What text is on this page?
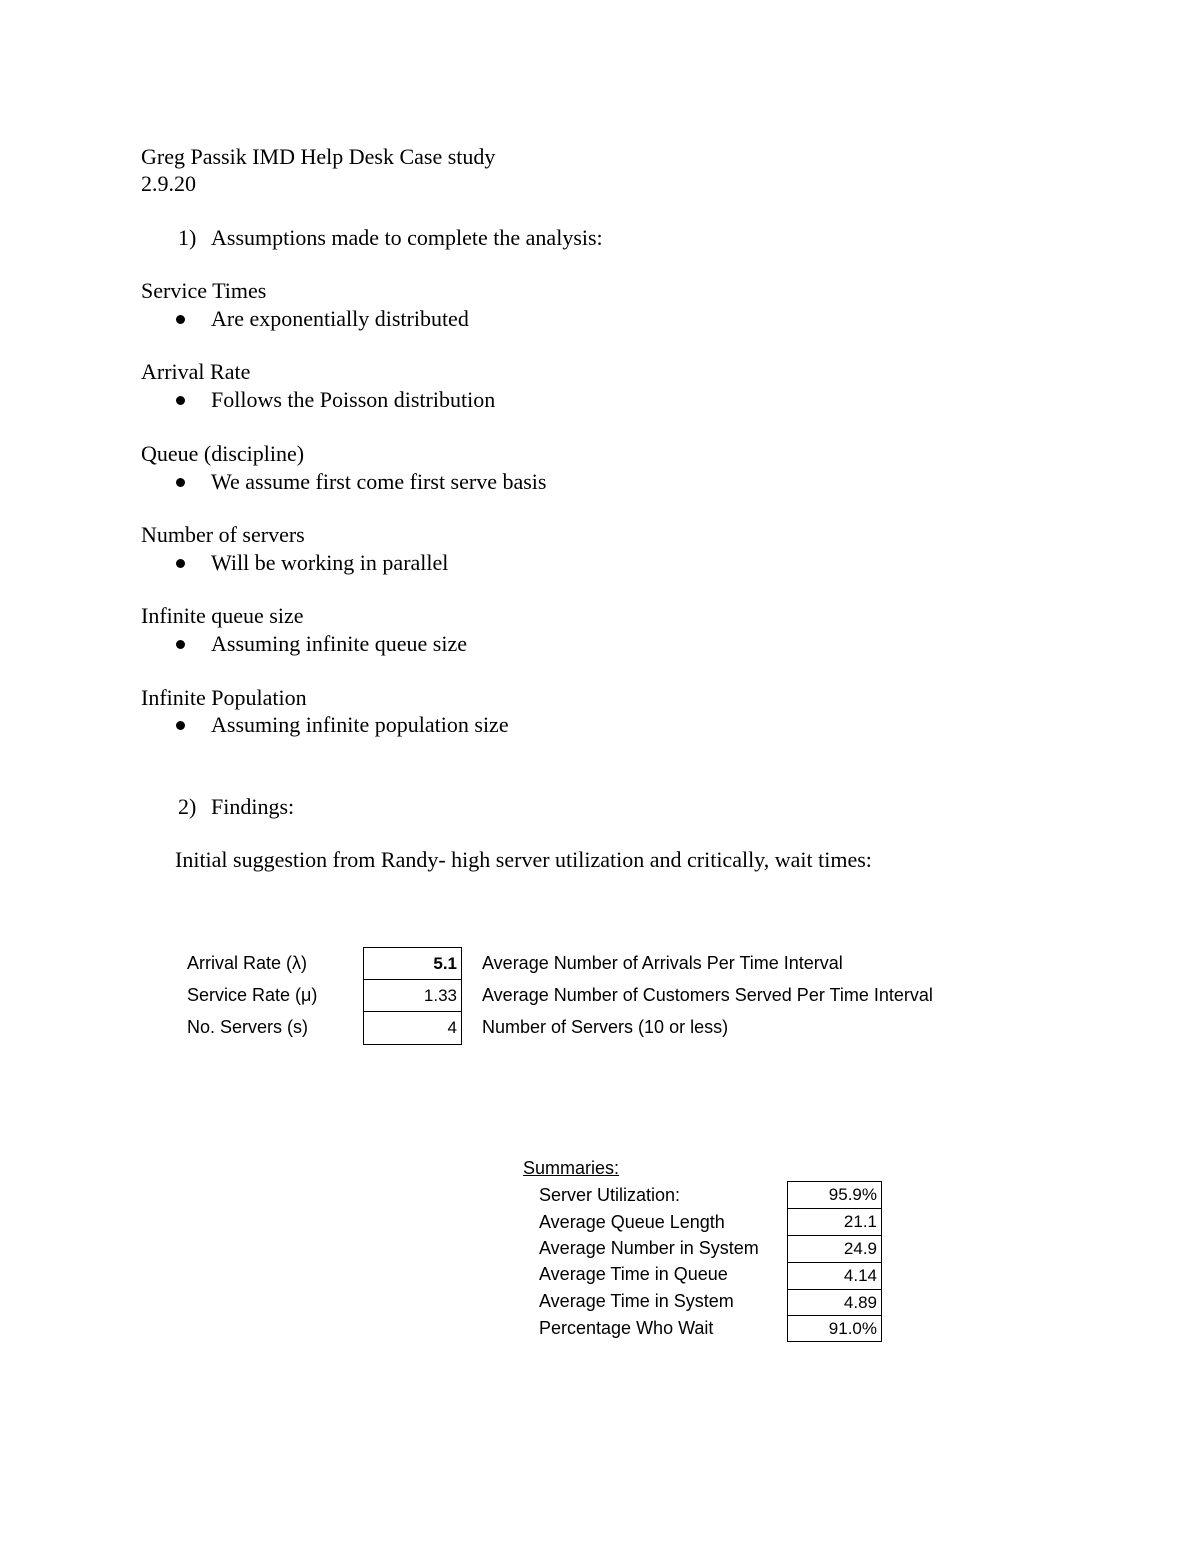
Greg Passik IMD Help Desk Case study
2.9.20
1) Assumptions made to complete the analysis:
Service Times
Are exponentially distributed
Arrival Rate
Follows the Poisson distribution
Queue (discipline)
We assume first come first serve basis
Number of servers
Will be working in parallel
Infinite queue size
Assuming infinite queue size
Infinite Population
Assuming infinite population size
2) Findings:
Initial suggestion from Randy- high server utilization and critically, wait times:
Arrival Rate (λ)	5.1 Average Number of Arrivals Per Time Interval
Service Rate (μ)	1.33 Average Number of Customers Served Per Time Interval
No. Servers (s)	4 Number of Servers (10 or less)
Summaries:
Server Utilization:	95.9%
Average Queue Length	21.1
Average Number in System	24.9
Average Time in Queue	4.14
Average Time in System	4.89
Percentage Who Wait	91.0%
